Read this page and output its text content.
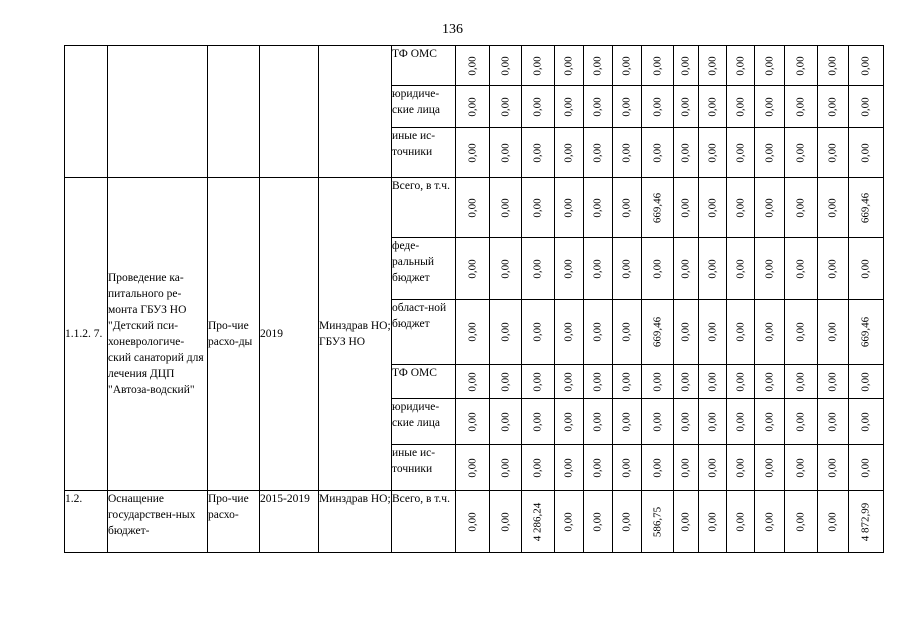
136
					ТФ ОМС	0,00	0,00	0,00	0,00	0,00	0,00	0,00	0,00	0,00	0,00	0,00	0,00	0,00	0,00

					юридиче-ские лица	0,00	0,00	0,00	0,00	0,00	0,00	0,00	0,00	0,00	0,00	0,00	0,00	0,00	0,00

					иные ис-точники	0,00	0,00	0,00	0,00	0,00	0,00	0,00	0,00	0,00	0,00	0,00	0,00	0,00	0,00

1.1.2. 7.	Проведение ка-питального ре-монта ГБУЗ НО "Детский пси-хоневрологиче-ский санаторий для лечения ДЦП "Автоза-водский"	Про-чие расхо-ды	2019	Минздрав НО; ГБУЗ НО	Всего, в т.ч.	0,00	0,00	0,00	0,00	0,00	0,00	669,46	0,00	0,00	0,00	0,00	0,00	0,00	669,46

					феде-ральный бюджет	0,00	0,00	0,00	0,00	0,00	0,00	0,00	0,00	0,00	0,00	0,00	0,00	0,00	0,00

					област-ной бюджет	0,00	0,00	0,00	0,00	0,00	0,00	669,46	0,00	0,00	0,00	0,00	0,00	0,00	669,46

					ТФ ОМС	0,00	0,00	0,00	0,00	0,00	0,00	0,00	0,00	0,00	0,00	0,00	0,00	0,00	0,00

					юридиче-ские лица	0,00	0,00	0,00	0,00	0,00	0,00	0,00	0,00	0,00	0,00	0,00	0,00	0,00	0,00

					иные ис-точники	0,00	0,00	0,00	0,00	0,00	0,00	0,00	0,00	0,00	0,00	0,00	0,00	0,00	0,00

1.2.	Оснащение государствен-ных бюджет-	Про-чие расхо-	2015-2019	Минздрав НО;	Всего, в т.ч.	0,00	0,00	4 286,24	0,00	0,00	0,00	586,75	0,00	0,00	0,00	0,00	0,00	0,00	4 872,99
